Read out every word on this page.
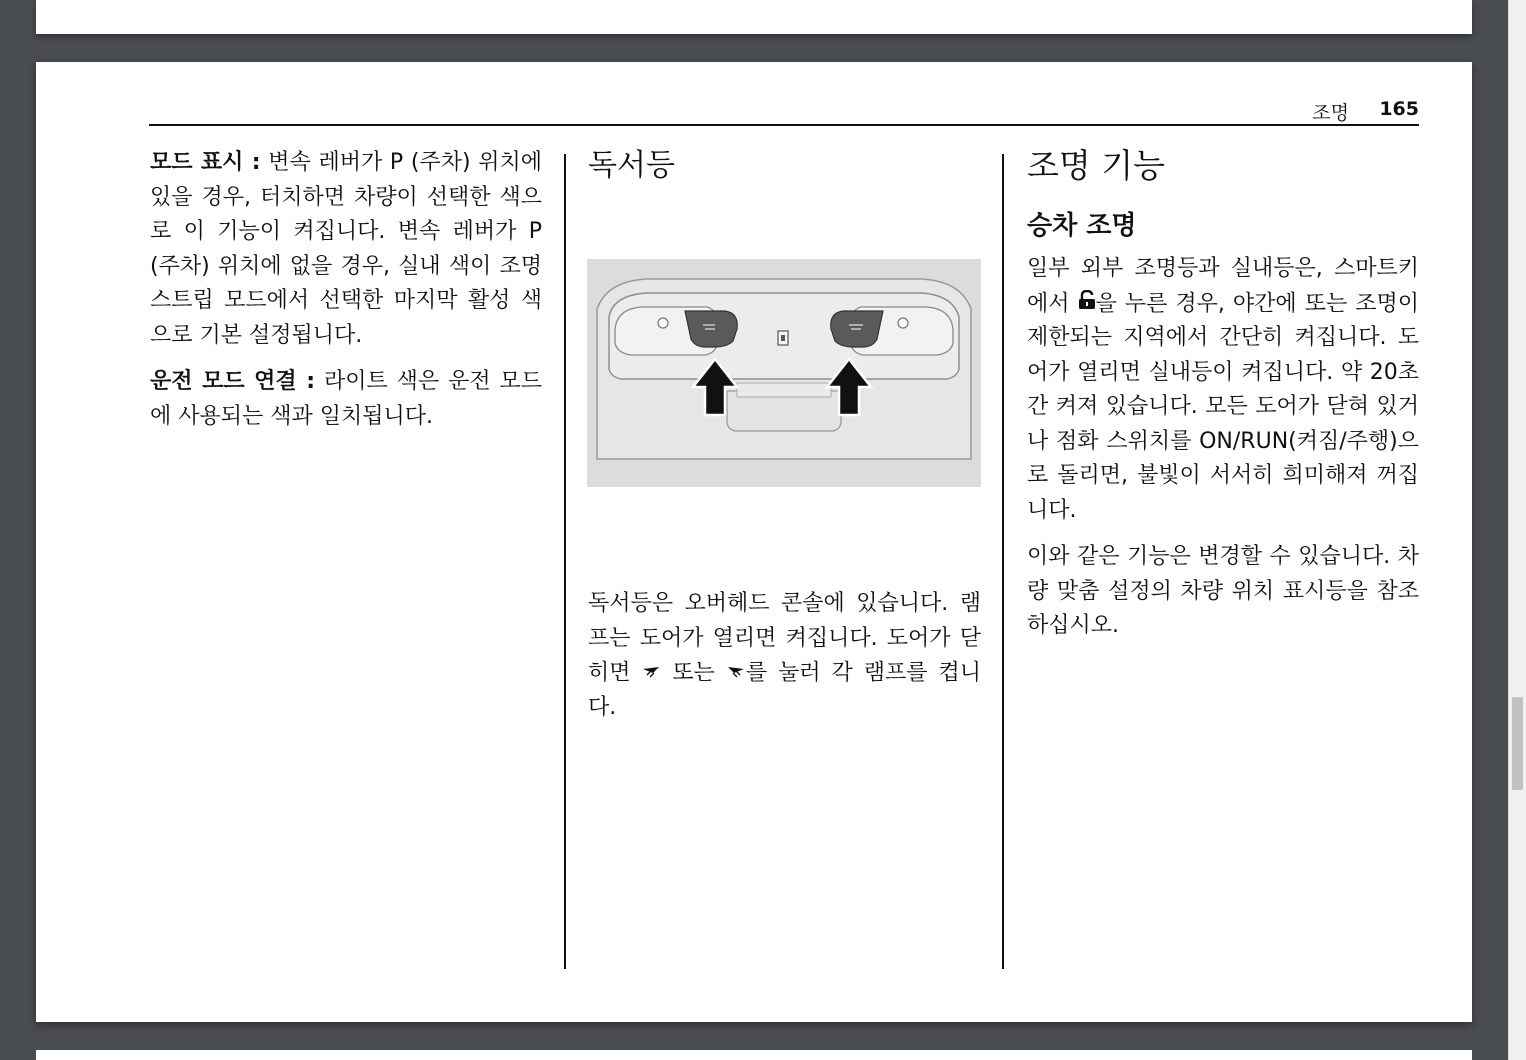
조명 165

모드 표시 : 변속 레버가 P (주차) 위치에 있을 경우, 터치하면 차량이 선택한 색으로 이 기능이 켜집니다. 변속 레버가 P (주차) 위치에 없을 경우, 실내 색이 조명 스트립 모드에서 선택한 마지막 활성 색으로 기본 설정됩니다.

운전 모드 연결 : 라이트 색은 운전 모드에 사용되는 색과 일치됩니다.

독서등
독서등은 오버헤드 콘솔에 있습니다. 램프는 도어가 열리면 켜집니다. 도어가 닫히면 또는 를 눌러 각 램프를 켭니다.
조명 기능
승차 조명

일부 외부 조명등과 실내등은, 스마트키에서 을 누른 경우, 야간에 또는 조명이 제한되는 지역에서 간단히 켜집니다. 도어가 열리면 실내등이 켜집니다. 약 20초 간 켜져 있습니다. 모든 도어가 닫혀 있거나 점화 스위치를 ON/RUN(켜짐/주행)으로 돌리면, 불빛이 서서히 희미해져 꺼집니다.

이와 같은 기능은 변경할 수 있습니다. 차량 맞춤 설정의 차량 위치 표시등을 참조하십시오.
